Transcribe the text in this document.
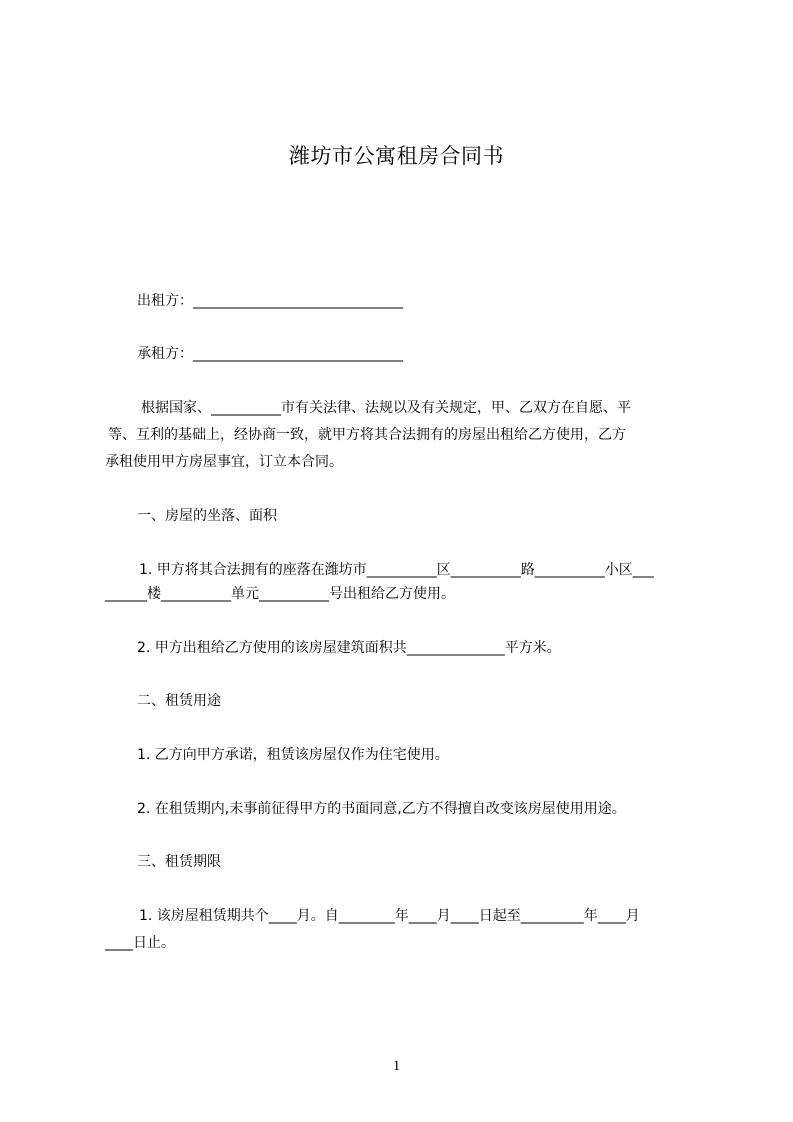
潍坊市公寓租房合同书
出租方：______________________________
承租方：______________________________
根据国家、__________市有关法律、法规以及有关规定，甲、乙双方在自愿、平
等、互利的基础上，经协商一致，就甲方将其合法拥有的房屋出租给乙方使用，乙方
承租使用甲方房屋事宜，订立本合同。
一、房屋的坐落、面积
1. 甲方将其合法拥有的座落在潍坊市__________区__________路__________小区___
______楼__________单元__________号出租给乙方使用。
2. 甲方出租给乙方使用的该房屋建筑面积共______________平方米。
二、租赁用途
1. 乙方向甲方承诺，租赁该房屋仅作为住宅使用。
2. 在租赁期内,未事前征得甲方的书面同意,乙方不得擅自改变该房屋使用用途。
三、租赁期限
1. 该房屋租赁期共个____月。自________年____月____日起至_________年____月
____日止。
1
